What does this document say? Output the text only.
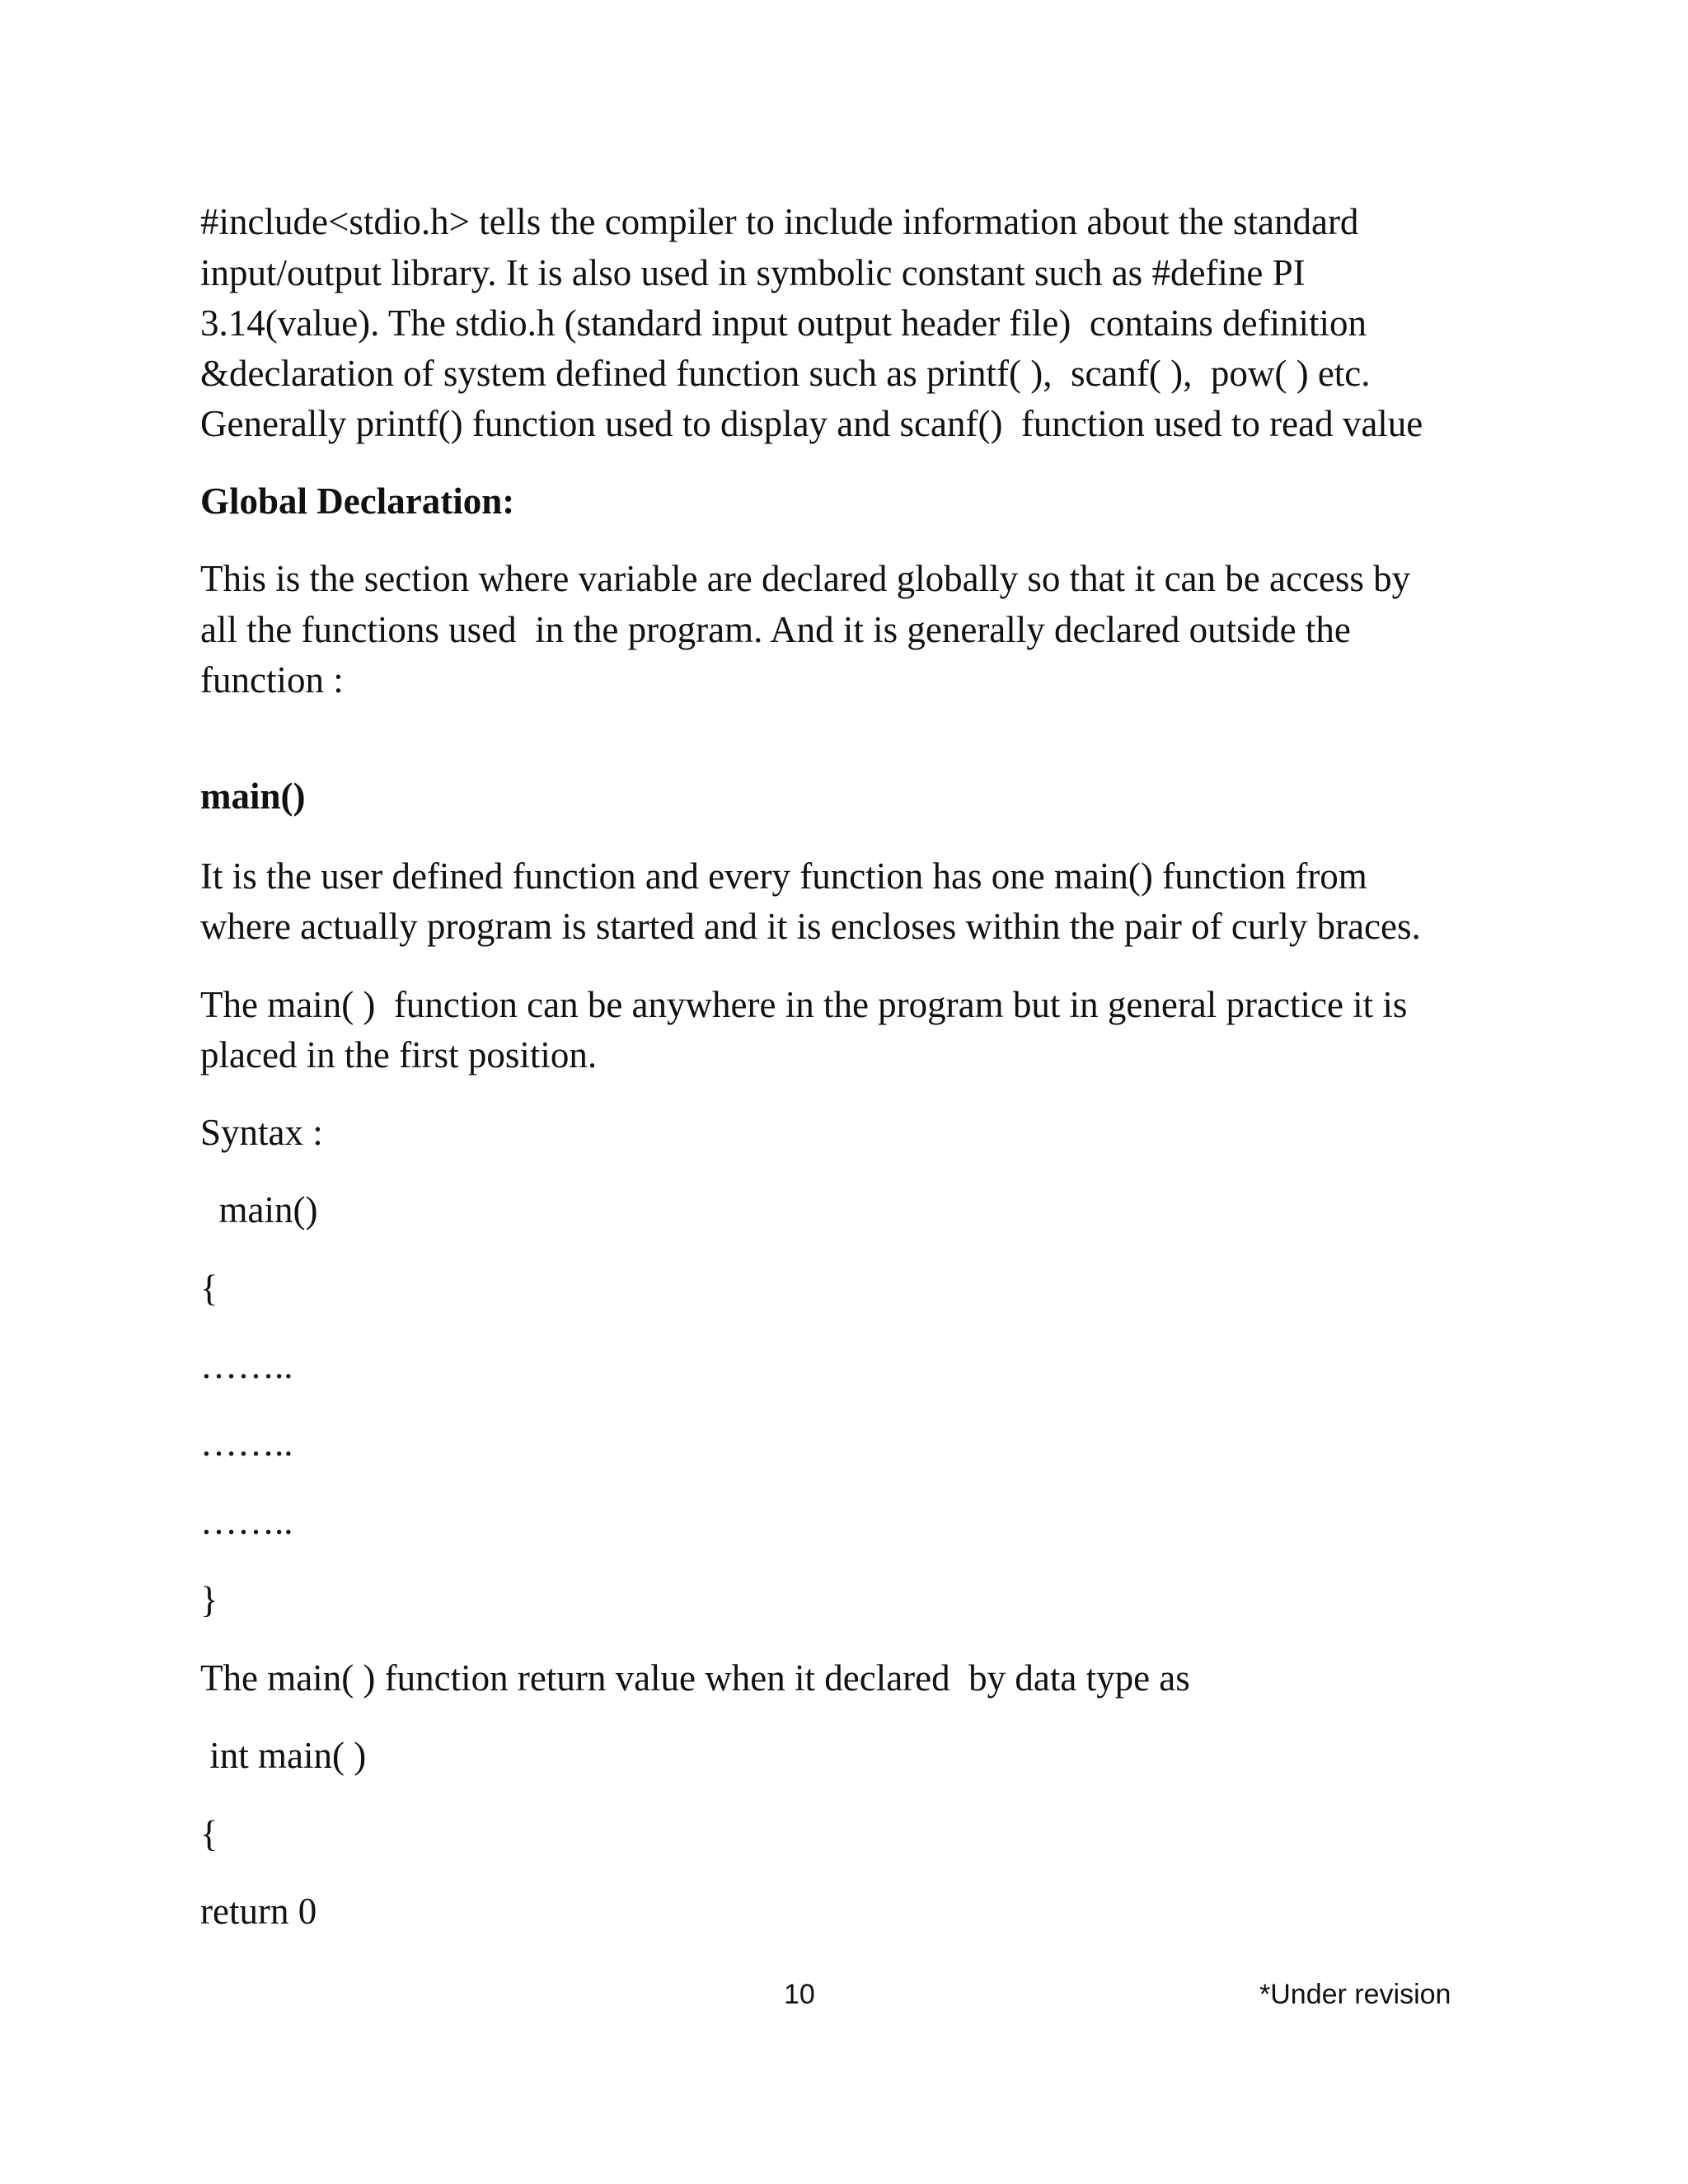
#include<stdio.h> tells the compiler to include information about the standard

input/output library. It is also used in symbolic constant such as #define PI

3.14(value). The stdio.h (standard input output header file)  contains definition

&declaration of system defined function such as printf( ),  scanf( ),  pow( ) etc.

Generally printf() function used to display and scanf()  function used to read value

Global Declaration:

This is the section where variable are declared globally so that it can be access by

all the functions used  in the program. And it is generally declared outside the

function :

main()

It is the user defined function and every function has one main() function from

where actually program is started and it is encloses within the pair of curly braces.

The main( )  function can be anywhere in the program but in general practice it is

placed in the first position.

Syntax :

main()

{

……..

……..

……..

}

The main( ) function return value when it declared  by data type as

int main( )

{

return 0

10	*Under revision
